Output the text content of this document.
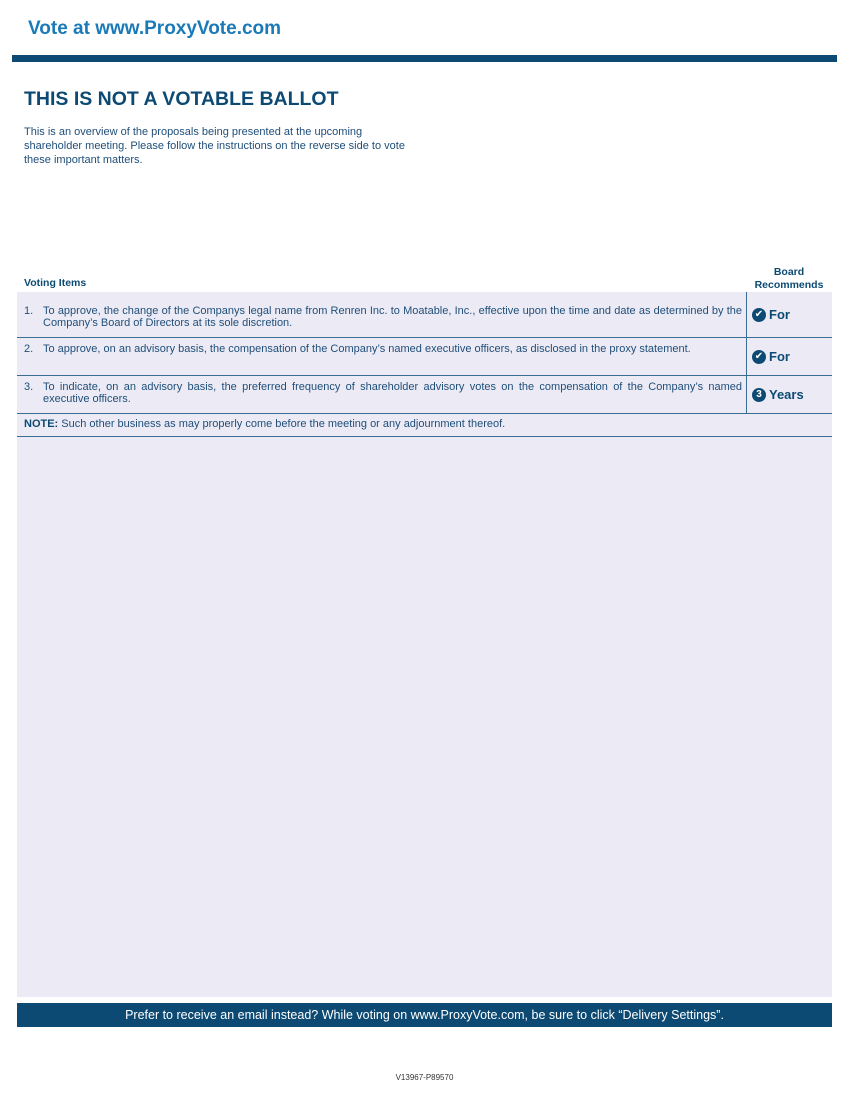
Vote at www.ProxyVote.com
THIS IS NOT A VOTABLE BALLOT
This is an overview of the proposals being presented at the upcoming shareholder meeting. Please follow the instructions on the reverse side to vote these important matters.
Voting Items
Board
Recommends
1. To approve, the change of the Companys legal name from Renren Inc. to Moatable, Inc., effective upon the time and date as determined by the Company’s Board of Directors at its sole discretion.
✔ For
2. To approve, on an advisory basis, the compensation of the Company’s named executive officers, as disclosed in the proxy statement.
✔ For
3. To indicate, on an advisory basis, the preferred frequency of shareholder advisory votes on the compensation of the Company’s named executive officers.	3 Years
NOTE: Such other business as may properly come before the meeting or any adjournment thereof.
Prefer to receive an email instead? While voting on www.ProxyVote.com, be sure to click “Delivery Settings”.
V13967-P89570
